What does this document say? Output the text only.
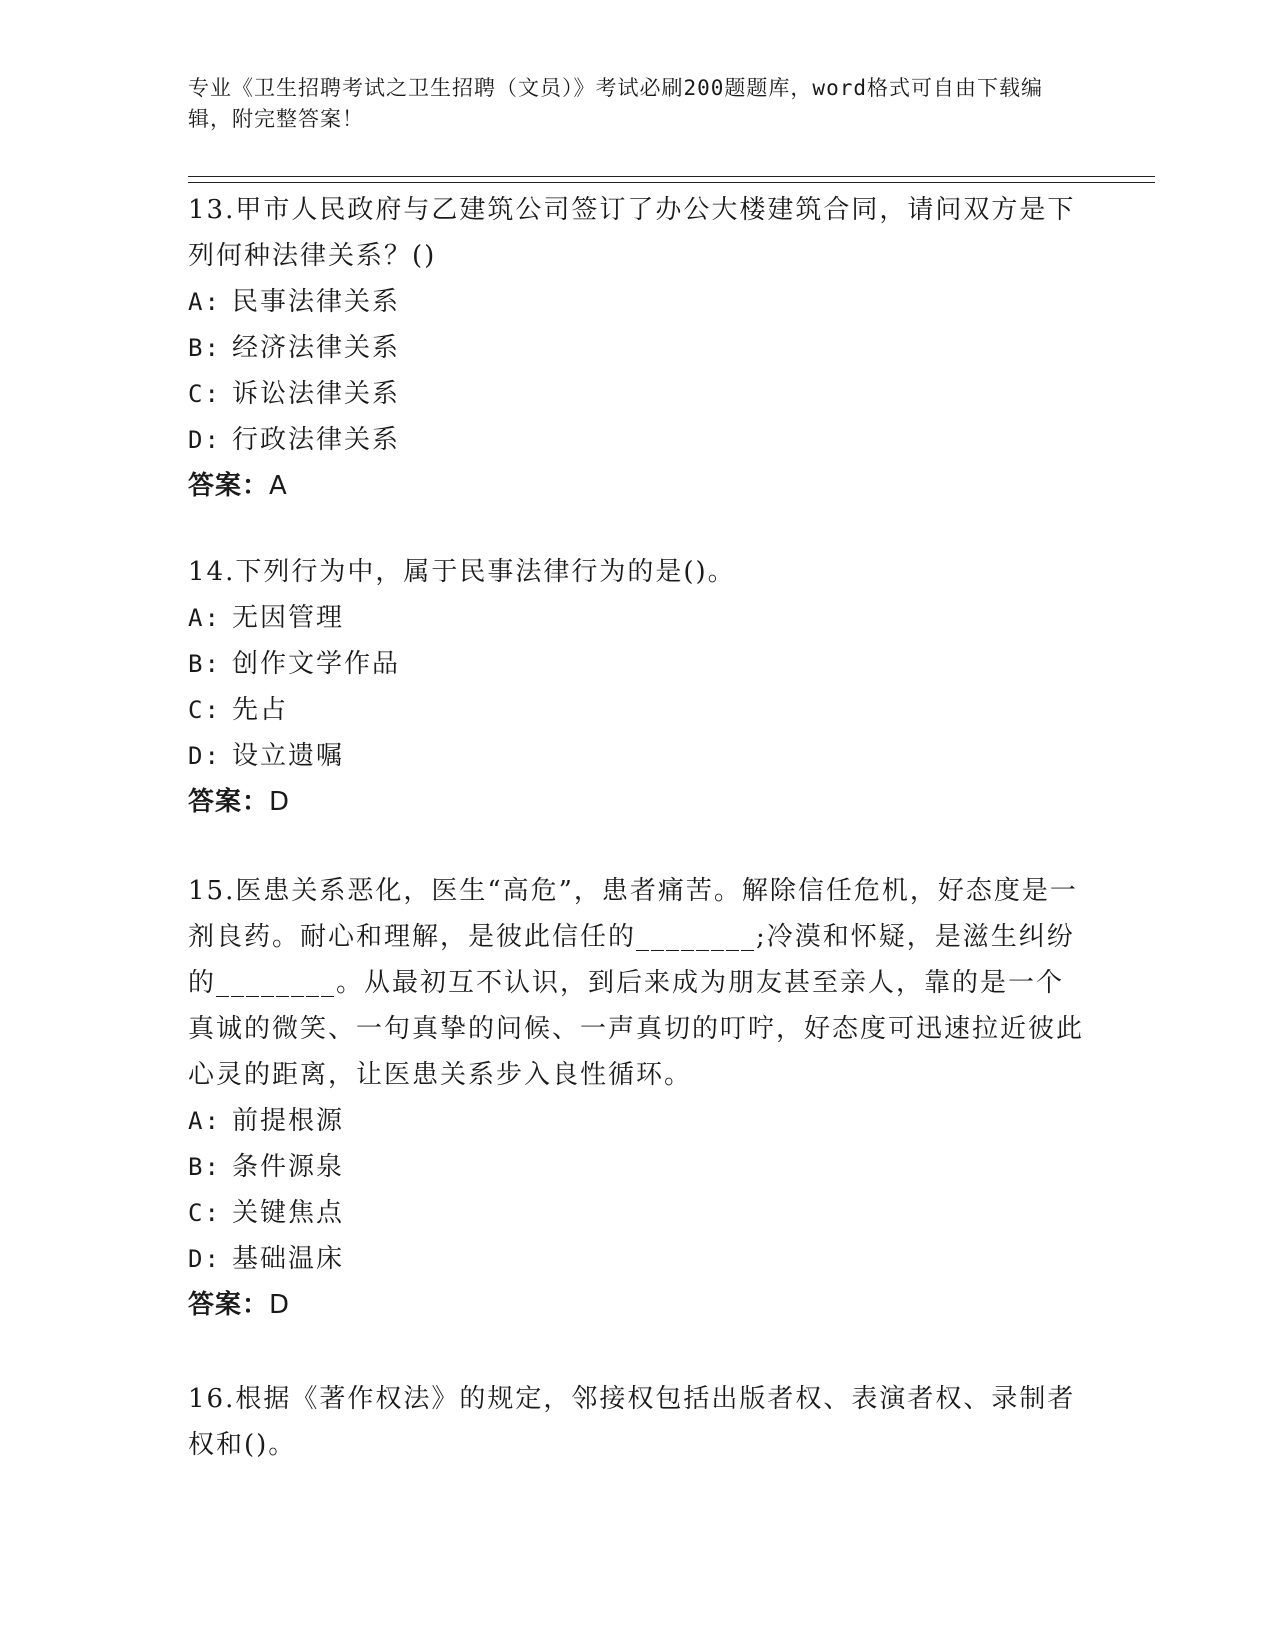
专业《卫生招聘考试之卫生招聘（文员）》考试必刷200题题库，word格式可自由下载编辑，附完整答案！

13.甲市人民政府与乙建筑公司签订了办公大楼建筑合同，请问双方是下列何种法律关系？()

A: 民事法律关系

B: 经济法律关系

C: 诉讼法律关系

D: 行政法律关系

答案：A

14.下列行为中，属于民事法律行为的是()。

A: 无因管理

B: 创作文学作品

C: 先占

D: 设立遗嘱

答案：D

15.医患关系恶化，医生“高危”，患者痛苦。解除信任危机，好态度是一剂良药。耐心和理解，是彼此信任的________;冷漠和怀疑，是滋生纠纷的________。从最初互不认识，到后来成为朋友甚至亲人，靠的是一个真诚的微笑、一句真挚的问候、一声真切的叮咛，好态度可迅速拉近彼此心灵的距离，让医患关系步入良性循环。

A: 前提根源

B: 条件源泉

C: 关键焦点

D: 基础温床

答案：D

16.根据《著作权法》的规定，邻接权包括出版者权、表演者权、录制者权和()。
